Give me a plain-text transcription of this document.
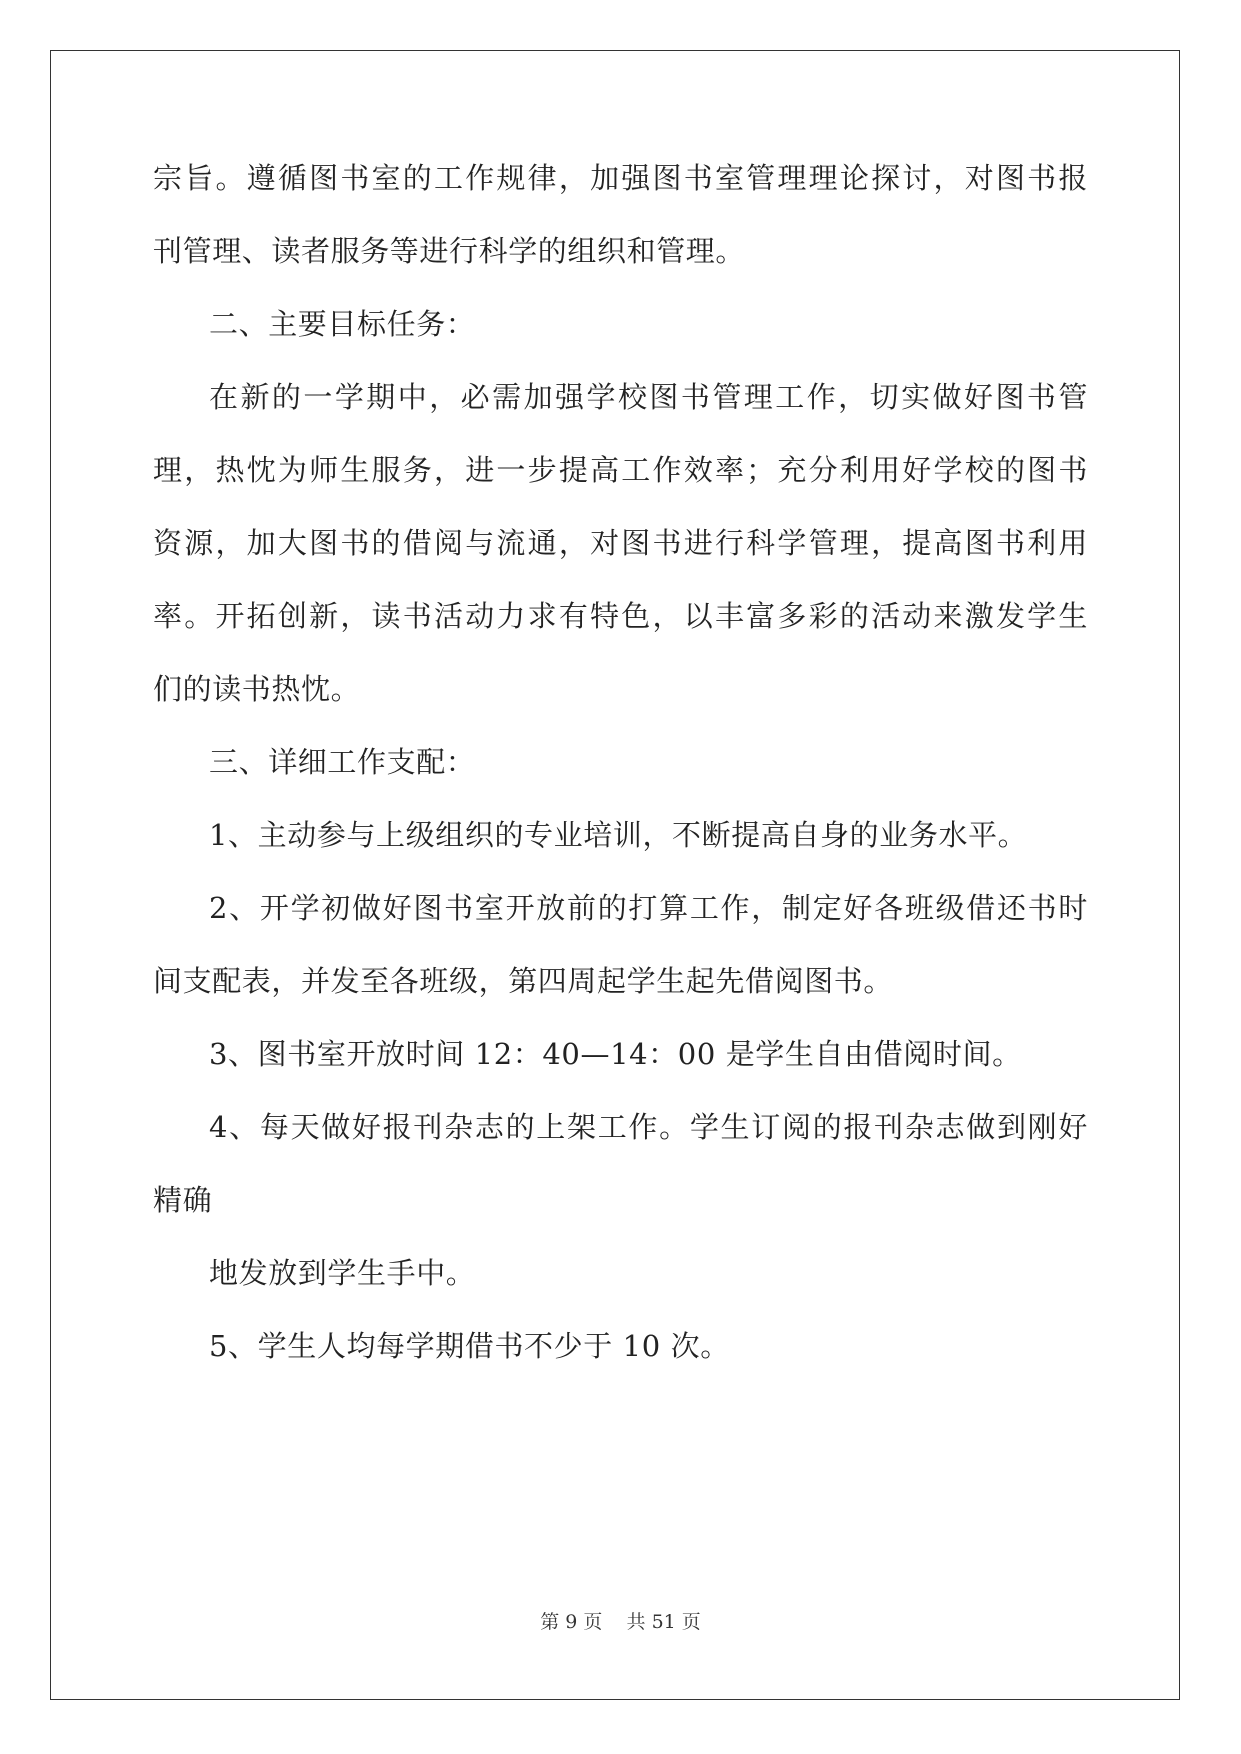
宗旨。遵循图书室的工作规律，加强图书室管理理论探讨，对图书报
刊管理、读者服务等进行科学的组织和管理。
二、主要目标任务：
在新的一学期中，必需加强学校图书管理工作，切实做好图书管
理，热忱为师生服务，进一步提高工作效率；充分利用好学校的图书
资源，加大图书的借阅与流通，对图书进行科学管理，提高图书利用
率。开拓创新，读书活动力求有特色，以丰富多彩的活动来激发学生
们的读书热忱。
三、详细工作支配：
1、主动参与上级组织的专业培训，不断提高自身的业务水平。
2、开学初做好图书室开放前的打算工作，制定好各班级借还书时
间支配表，并发至各班级，第四周起学生起先借阅图书。
3、图书室开放时间 12：40—14：00 是学生自由借阅时间。
4、每天做好报刊杂志的上架工作。学生订阅的报刊杂志做到刚好
精确
地发放到学生手中。
5、学生人均每学期借书不少于 10 次。
第 9 页 共 51 页
